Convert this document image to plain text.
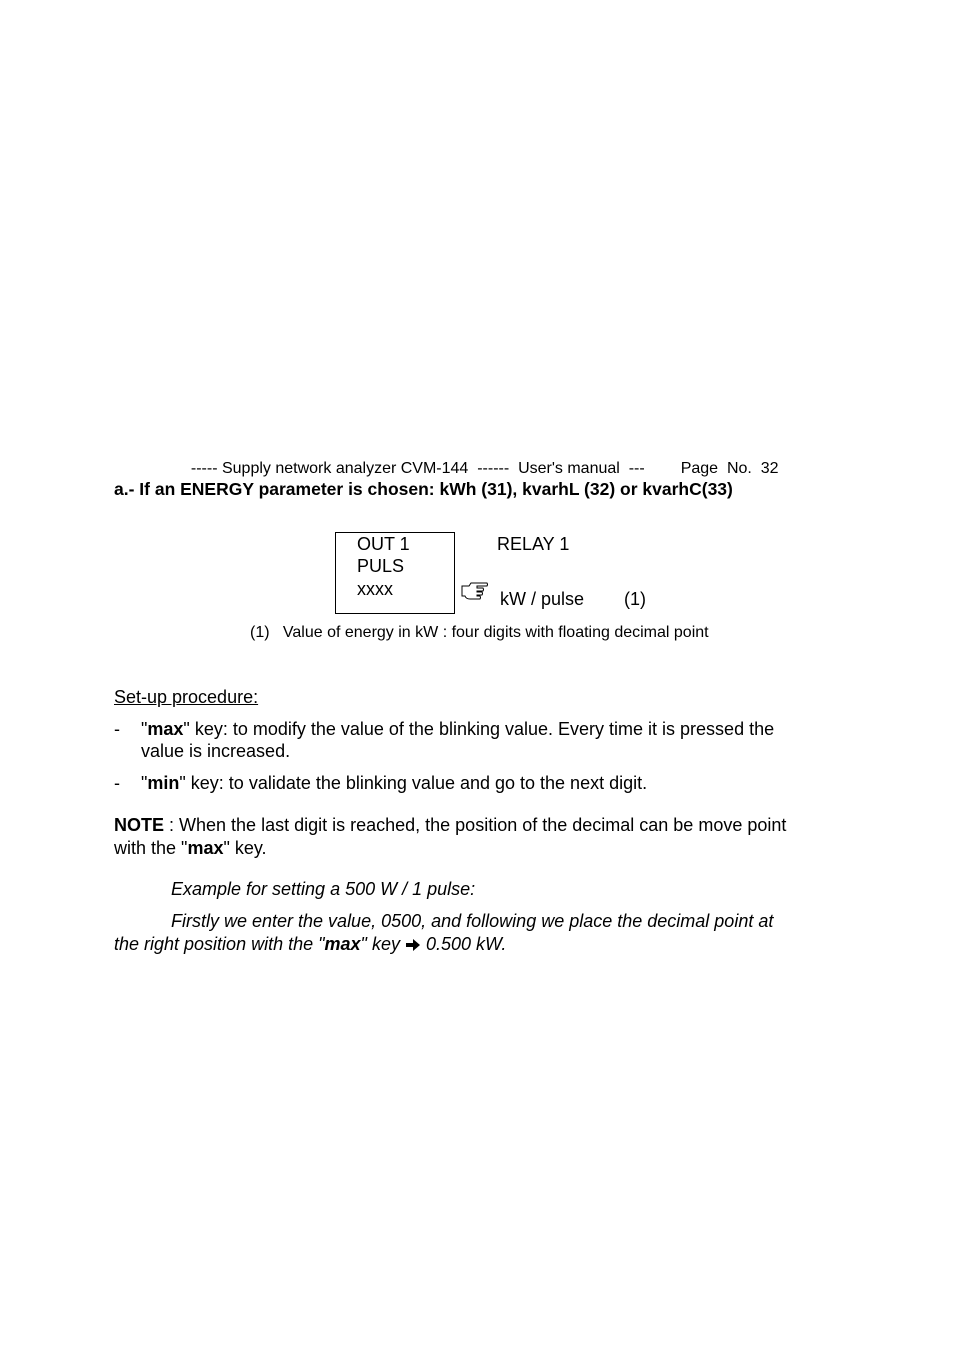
----- Supply network analyzer CVM-144  ------  User's manual  --- Page  No.  32

a.- If an ENERGY parameter is chosen: kWh (31), kvarhL (32) or kvarhC(33)
OUT 1
PULS
xxxx
RELAY 1
kW / pulse (1)
(1) Value of energy in kW : four digits with floating decimal point
Set-up procedure:
- "max" key: to modify the value of the blinking value. Every time it is pressed the
value is increased.
- "min" key: to validate the blinking value and go to the next digit.
NOTE : When the last digit is reached, the position of the decimal can be move point
with the "max" key.
Example for setting a 500 W / 1 pulse:
Firstly we enter the value, 0500, and following we place the decimal point at
the right position with the "max" key  0.500 kW.
